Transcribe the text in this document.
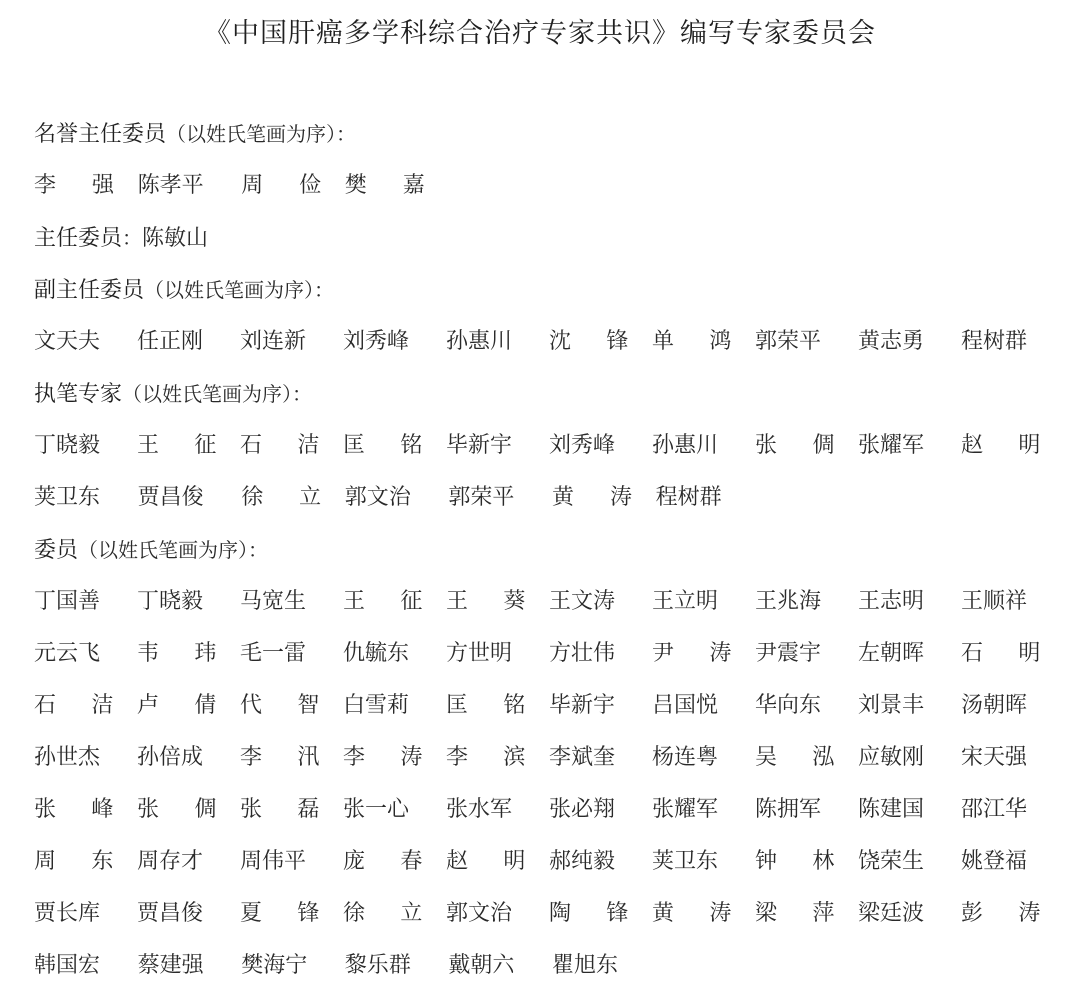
《中国肝癌多学科综合治疗专家共识》编写专家委员会
名誉主任委员（以姓氏笔画为序）：
李 强 陈 孝 平 周 俭 樊 嘉
主任委员：陈敏山
副主任委员（以姓氏笔画为序）：
文 天 夫 任 正 刚 刘 连 新 刘 秀 峰 孙 惠 川 沈 锋 单 鸿 郭 荣 平 黄 志 勇 程 树 群
执笔专家（以姓氏笔画为序）：
丁 晓 毅 王 征 石 洁 匡 铭 毕 新 宇 刘 秀 峰 孙 惠 川 张 倜 张 耀 军 赵 明
荚 卫 东 贾 昌 俊 徐 立 郭 文 治 郭 荣 平 黄 涛 程 树 群
委员（以姓氏笔画为序）：
丁 国 善 丁 晓 毅 马 宽 生 王 征 王 葵 王 文 涛 王 立 明 王 兆 海 王 志 明 王 顺 祥
元 云 飞 韦 玮 毛 一 雷 仇 毓 东 方 世 明 方 壮 伟 尹 涛 尹 震 宇 左 朝 晖 石 明
石 洁 卢 倩 代 智 白 雪 莉 匡 铭 毕 新 宇 吕 国 悦 华 向 东 刘 景 丰 汤 朝 晖
孙 世 杰 孙 倍 成 李 汛 李 涛 李 滨 李 斌 奎 杨 连 粤 吴 泓 应 敏 刚 宋 天 强
张 峰 张 倜 张 磊 张 一 心 张 水 军 张 必 翔 张 耀 军 陈 拥 军 陈 建 国 邵 江 华
周 东 周 存 才 周 伟 平 庞 春 赵 明 郝 纯 毅 荚 卫 东 钟 林 饶 荣 生 姚 登 福
贾 长 库 贾 昌 俊 夏 锋 徐 立 郭 文 治 陶 锋 黄 涛 梁 萍 梁 廷 波 彭 涛
韩 国 宏 蔡 建 强 樊 海 宁 黎 乐 群 戴 朝 六 瞿 旭 东
